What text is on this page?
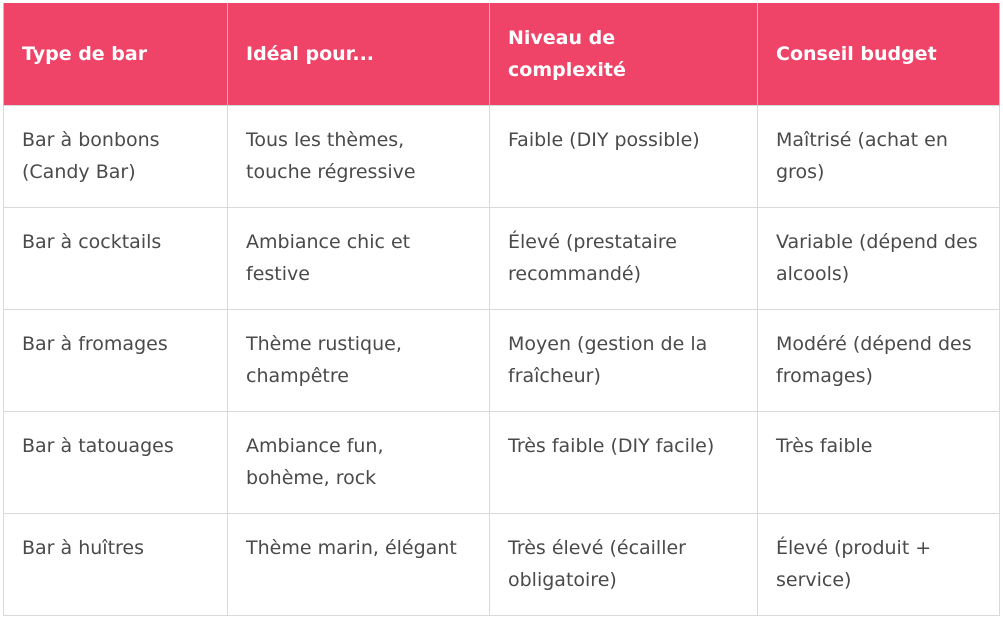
Type de bar	Idéal pour...	Niveau de complexité	Conseil budget
Bar à bonbons (Candy Bar)	Tous les thèmes, touche régressive	Faible (DIY possible)	Maîtrisé (achat en gros)
Bar à cocktails	Ambiance chic et festive	Élevé (prestataire recommandé)	Variable (dépend des alcools)
Bar à fromages	Thème rustique, champêtre	Moyen (gestion de la fraîcheur)	Modéré (dépend des fromages)
Bar à tatouages	Ambiance fun, bohème, rock	Très faible (DIY facile)	Très faible
Bar à huîtres	Thème marin, élégant	Très élevé (écailler obligatoire)	Élevé (produit + service)
